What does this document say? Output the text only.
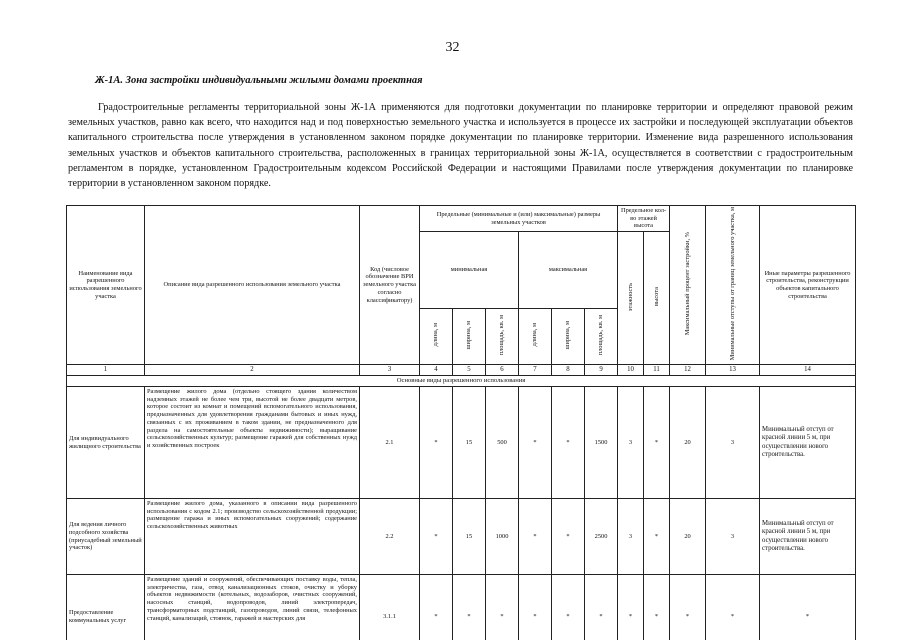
32
Ж-1А. Зона застройки индивидуальными жилыми домами проектная

Градостроительные регламенты территориальной зоны Ж-1А применяются для подготовки документации по планировке территории и определяют правовой режим земельных участков, равно как всего, что находится над и под поверхностью земельного участка и используется в процессе их застройки и последующей эксплуатации объектов капитального строительства после утверждения в установленном законом порядке документации по планировке территории. Изменение вида разрешенного использования земельных участков и объектов капитального строительства, расположенных в границах территориальной зоны Ж-1А, осуществляется в соответствии с градостроительным регламентом в порядке, установленном Градостроительным кодексом Российской Федерации и настоящими Правилами после утверждения документации по планировке территории в установленном законом порядке.

Наименование вида разрешенного использования земельного участка	Описание вида разрешенного использования земельного участка	Код (числовое обозначение ВРИ земельного участка согласно классификатору)	Предельные (минимальные и (или) максимальные) размеры земельных участков						Предельное кол-во этажей высота		Максимальный процент застройки, %	Минимальные отступы от границ земельного участка, м	Иные параметры разрешенного строительства, реконструкции объектов капитального строительства
			минимальная			максимальная			этажность	высота			
			длина, м	ширина, м	площадь, кв. м	длина, м	ширина, м	площадь, кв. м					
1	2	3	4	5	6	7	8	9	10	11	12	13	14
Основные виды разрешенного использования													
Для индивидуального жилищного строительства	Размещение жилого дома (отдельно стоящего здания количеством надземных этажей не более чем три, высотой не более двадцати метров, которое состоит из комнат и помещений вспомогательного использования, предназначенных для удовлетворения гражданами бытовых и иных нужд, связанных с их проживанием в таком здании, не предназначенного для раздела на самостоятельные объекты недвижимости); выращивание сельскохозяйственных культур; размещение гаражей для собственных нужд и хозяйственных построек	2.1	*	15	500	*	*	1500	3	*	20	3	Минимальный отступ от красной линии 5 м, при осуществлении нового строительства.
Для ведения личного подсобного хозяйства (приусадебный земельный участок)	Размещение жилого дома, указанного в описании вида разрешенного использования с кодом 2.1; производство сельскохозяйственной продукции; размещение гаража и иных вспомогательных сооружений; содержание сельскохозяйственных животных	2.2	*	15	1000	*	*	2500	3	*	20	3	Минимальный отступ от красной линии 5 м, при осуществлении нового строительства.
Предоставление коммунальных услуг	Размещение зданий и сооружений, обеспечивающих поставку воды, тепла, электричества, газа, отвод канализационных стоков, очистку и уборку объектов недвижимости (котельных, водозаборов, очистных сооружений, насосных станций, водопроводов, линий электропередач, трансформаторных подстанций, газопроводов, линий связи, телефонных станций, канализаций, стоянок, гаражей и мастерских для	3.1.1	*	*	*	*	*	*	*	*	*	*	*
